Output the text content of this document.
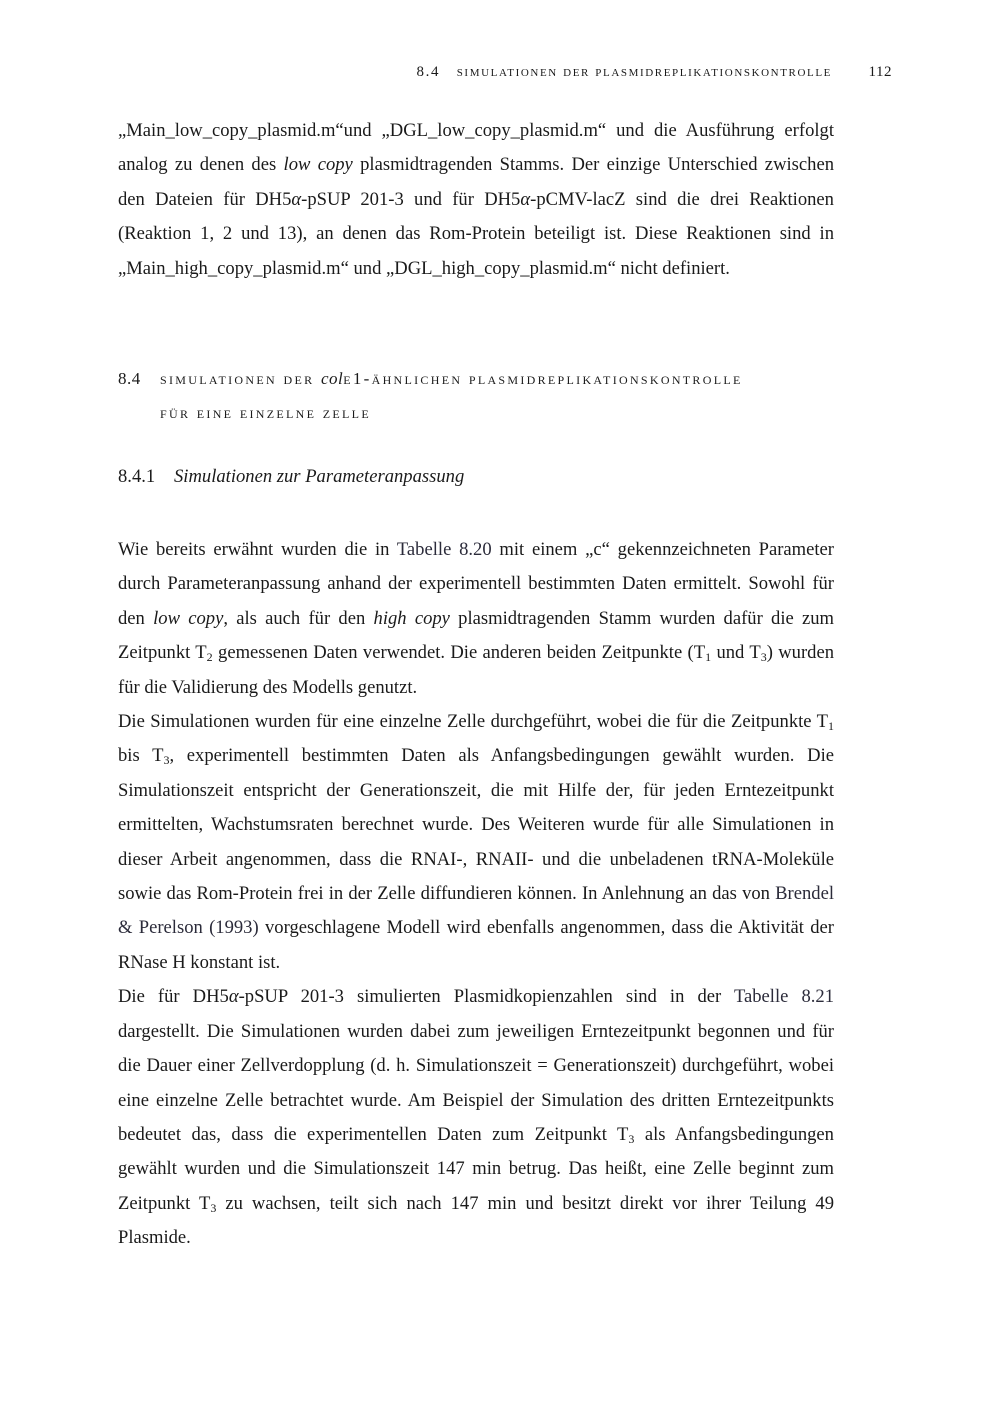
8.4  simulationen der plasmidreplikationskontrolle 112

„Main_low_copy_plasmid.m“und „DGL_low_copy_plasmid.m“ und die Ausführung erfolgt analog zu denen des low copy plasmidtragenden Stamms. Der einzige Unterschied zwischen den Dateien für DH5α-pSUP 201-3 und für DH5α-pCMV-lacZ sind die drei Reaktionen (Reaktion 1, 2 und 13), an denen das Rom-Protein beteiligt ist. Diese Reaktionen sind in „Main_high_copy_plasmid.m“ und „DGL_high_copy_plasmid.m“ nicht definiert.

8.4 simulationen der cole1-ähnlichen plasmidreplikationskontrolle
für eine einzelne zelle
8.4.1 Simulationen zur Parameteranpassung

Wie bereits erwähnt wurden die in Tabelle 8.20 mit einem „c“ gekennzeichneten Parameter durch Parameteranpassung anhand der experimentell bestimmten Daten ermittelt. Sowohl für den low copy, als auch für den high copy plasmidtragenden Stamm wurden dafür die zum Zeitpunkt $T_2$ gemessenen Daten verwendet. Die anderen beiden Zeitpunkte ($T_1$ und $T_3$) wurden für die Validierung des Modells genutzt.

Die Simulationen wurden für eine einzelne Zelle durchgeführt, wobei die für die Zeitpunkte $T_1$ bis $T_3$, experimentell bestimmten Daten als Anfangsbedingungen gewählt wurden. Die Simulationszeit entspricht der Generationszeit, die mit Hilfe der, für jeden Erntezeitpunkt ermittelten, Wachstumsraten berechnet wurde. Des Weiteren wurde für alle Simulationen in dieser Arbeit angenommen, dass die RNAI-, RNAII- und die unbeladenen tRNA-Moleküle sowie das Rom-Protein frei in der Zelle diffundieren können. In Anlehnung an das von Brendel & Perelson (1993) vorgeschlagene Modell wird ebenfalls angenommen, dass die Aktivität der RNase H konstant ist.

Die für DH5α-pSUP 201-3 simulierten Plasmidkopienzahlen sind in der Tabelle 8.21 dargestellt. Die Simulationen wurden dabei zum jeweiligen Erntezeitpunkt begonnen und für die Dauer einer Zellverdopplung (d. h. Simulationszeit = Generationszeit) durchgeführt, wobei eine einzelne Zelle betrachtet wurde. Am Beispiel der Simulation des dritten Erntezeitpunkts bedeutet das, dass die experimentellen Daten zum Zeitpunkt $T_3$ als Anfangsbedingungen gewählt wurden und die Simulationszeit 147 min betrug. Das heißt, eine Zelle beginnt zum Zeitpunkt $T_3$ zu wachsen, teilt sich nach 147 min und besitzt direkt vor ihrer Teilung 49 Plasmide.
